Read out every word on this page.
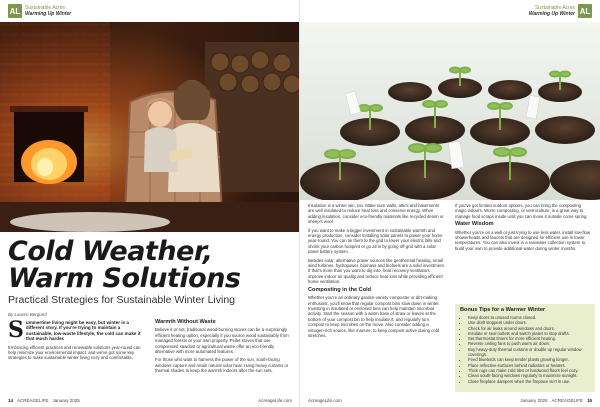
AL Sustainable Acres
Warming Up Winter
Cold Weather,
Warm Solutions
Practical Strategies for Sustainable Winter Living
By Lauren Bergund

Summertime living might be easy, but winter is a different story. If you're trying to maintain a sustainable, low-waste lifestyle, the cold can make it that much harder.

Embracing efficient practices and renewable solutions year-round can help minimize your environmental impact, and we've got some key strategies to make sustainable winter living cozy and comfortable.

Warmth Without Waste

Believe it or not, traditional wood-burning stoves can be a surprisingly efficient heating option, especially if you source wood sustainably from managed forests or your own property. Pellet stoves that use compressed sawdust or agricultural waste offer an eco-friendly alternative with more automated features.

For those who want to harness the power of the sun, south-facing windows capture and retain natural solar heat. Hang heavy curtains or thermal shades to keep the warmth indoors after the sun sets.

14 ACREAGELIFE January 2025	AcreageLife.com
Sustainable Acres
Warming Up Winter AL

Insulation is a winter win, too. Make sure walls, attics and basements are well insulated to reduce heat loss and conserve energy. When adding insulation, consider eco-friendly materials like recycled denim or sheep's wool.

If you want to make a bigger investment in sustainable warmth and energy production, consider installing solar panels to power your home year-round. You can tie them to the grid to lower your electric bills and shrink your carbon footprint or go all in by going off-grid with a solar panel battery system.

Besides solar, alternative power sources like geothermal heating, small wind turbines, hydropower, biomass and biofuels are a solid investment. If that's more than you want to dig into, heat recovery ventilators improve indoor air quality and reduce heat loss while providing efficient home ventilation.

Composting in the Cold

Whether you're an ordinary garden-variety composter or dirt-making enthusiast, you'll know that regular compost bins slow down in winter. Investing in insulated or enclosed bins can help maintain microbial activity. Start the season with a warm base of straw or leaves at the bottom of your compost bin to help insulate it, and regularly turn compost to keep microbes on the move. Also consider adding a nitrogen-rich source, like manure, to keep compost active during cold stretches.

If you've got limited outdoor options, you can bring the composting magic indoors. Worm composting, or vermiculture, is a great way to manage food scraps inside until you can move it outside come spring.

Water Wisdom

Whether you're on a well or just trying to use less water, install low-flow showerheads and faucets that are designed for efficient use in lower temperatures. You can also invest in a rainwater collection system to build your own to provide additional water during winter months.

Bonus Tips for a Warmer Winter
• Keep doors to unused rooms closed.
• Use draft stoppers under doors.
• Check for air leaks around windows and doors.
• Insulate or seal outlets and switch plates to stop drafts.
• Set thermostat timers for more efficient heating.
• Reverse ceiling fans to push warm air down.
• Buy heavy-duty thermal curtains or double up regular window coverings.
• Feed bluebirds can keep tender plants growing longer.
• Place reflective surfaces behind radiators or heaters.
• Thick rugs can make cold tiles or hardwood floors feel cozy.
• Clean south-facing windows regularly to maximize sunlight.
• Close fireplace dampers when the fireplace isn't in use.
AcreageLife.com	January 2025 ACREAGELIFE 15
